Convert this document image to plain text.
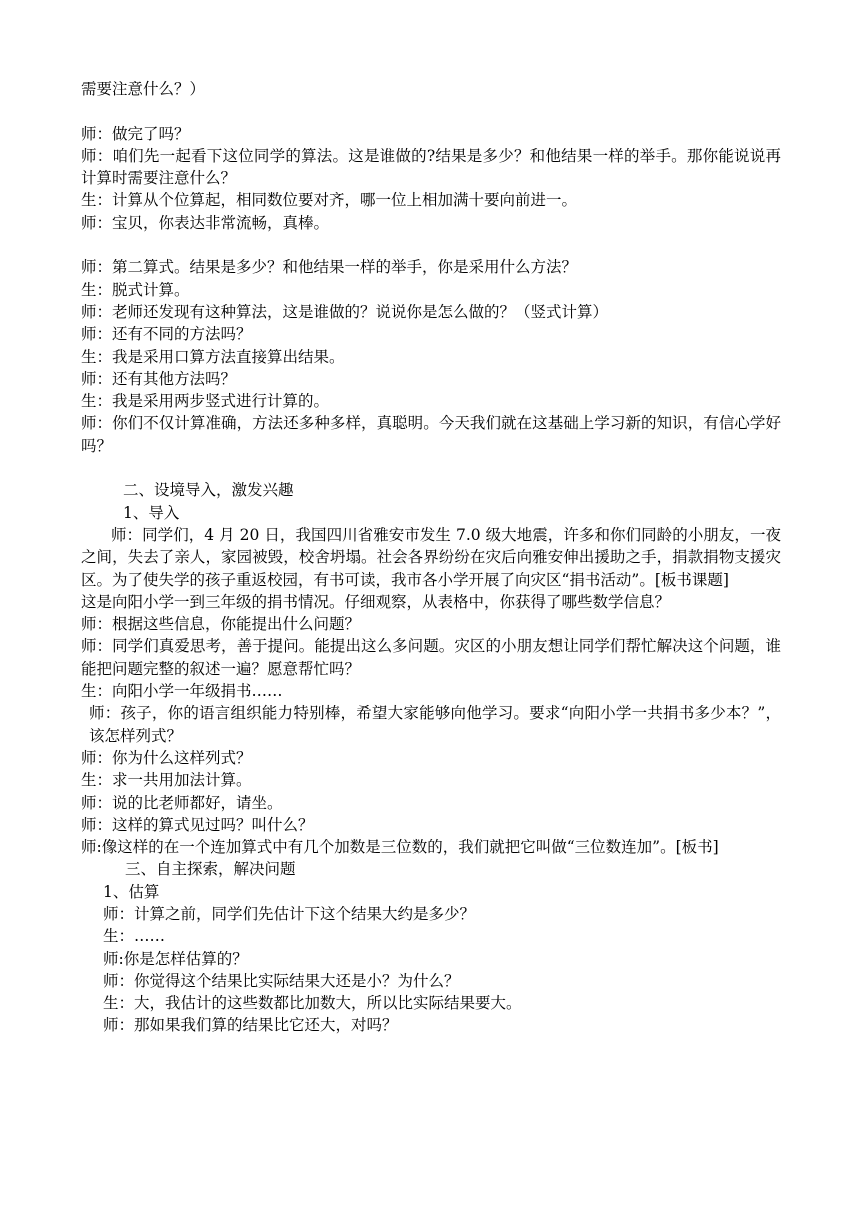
需要注意什么？）
师：做完了吗？
师：咱们先一起看下这位同学的算法。这是谁做的?结果是多少？和他结果一样的举手。那你能说说再计算时需要注意什么？
生：计算从个位算起，相同数位要对齐，哪一位上相加满十要向前进一。
师：宝贝，你表达非常流畅，真棒。
师：第二算式。结果是多少？和他结果一样的举手，你是采用什么方法？
生：脱式计算。
师：老师还发现有这种算法，这是谁做的？说说你是怎么做的？（竖式计算）
师：还有不同的方法吗？
生：我是采用口算方法直接算出结果。
师：还有其他方法吗？
生：我是采用两步竖式进行计算的。
师：你们不仅计算准确，方法还多种多样，真聪明。今天我们就在这基础上学习新的知识，有信心学好吗？
二、设境导入，激发兴趣
1、导入
师：同学们，4 月 20 日，我国四川省雅安市发生 7.0 级大地震，许多和你们同龄的小朋友，一夜之间，失去了亲人，家园被毁，校舍坍塌。社会各界纷纷在灾后向雅安伸出援助之手，捐款捐物支援灾区。为了使失学的孩子重返校园，有书可读，我市各小学开展了向灾区“捐书活动”。[板书课题]
这是向阳小学一到三年级的捐书情况。仔细观察，从表格中，你获得了哪些数学信息？
师：根据这些信息，你能提出什么问题？
师：同学们真爱思考，善于提问。能提出这么多问题。灾区的小朋友想让同学们帮忙解决这个问题，谁能把问题完整的叙述一遍？愿意帮忙吗？
生：向阳小学一年级捐书……
师：孩子，你的语言组织能力特别棒，希望大家能够向他学习。要求“向阳小学一共捐书多少本？”，该怎样列式？
师：你为什么这样列式？
生：求一共用加法计算。
师：说的比老师都好，请坐。
师：这样的算式见过吗？叫什么？
师:像这样的在一个连加算式中有几个加数是三位数的，我们就把它叫做“三位数连加”。[板书]
三、自主探索，解决问题
1、估算
师：计算之前，同学们先估计下这个结果大约是多少？
生：……
师:你是怎样估算的？
师：你觉得这个结果比实际结果大还是小？为什么？
生：大，我估计的这些数都比加数大，所以比实际结果要大。
师：那如果我们算的结果比它还大，对吗？
